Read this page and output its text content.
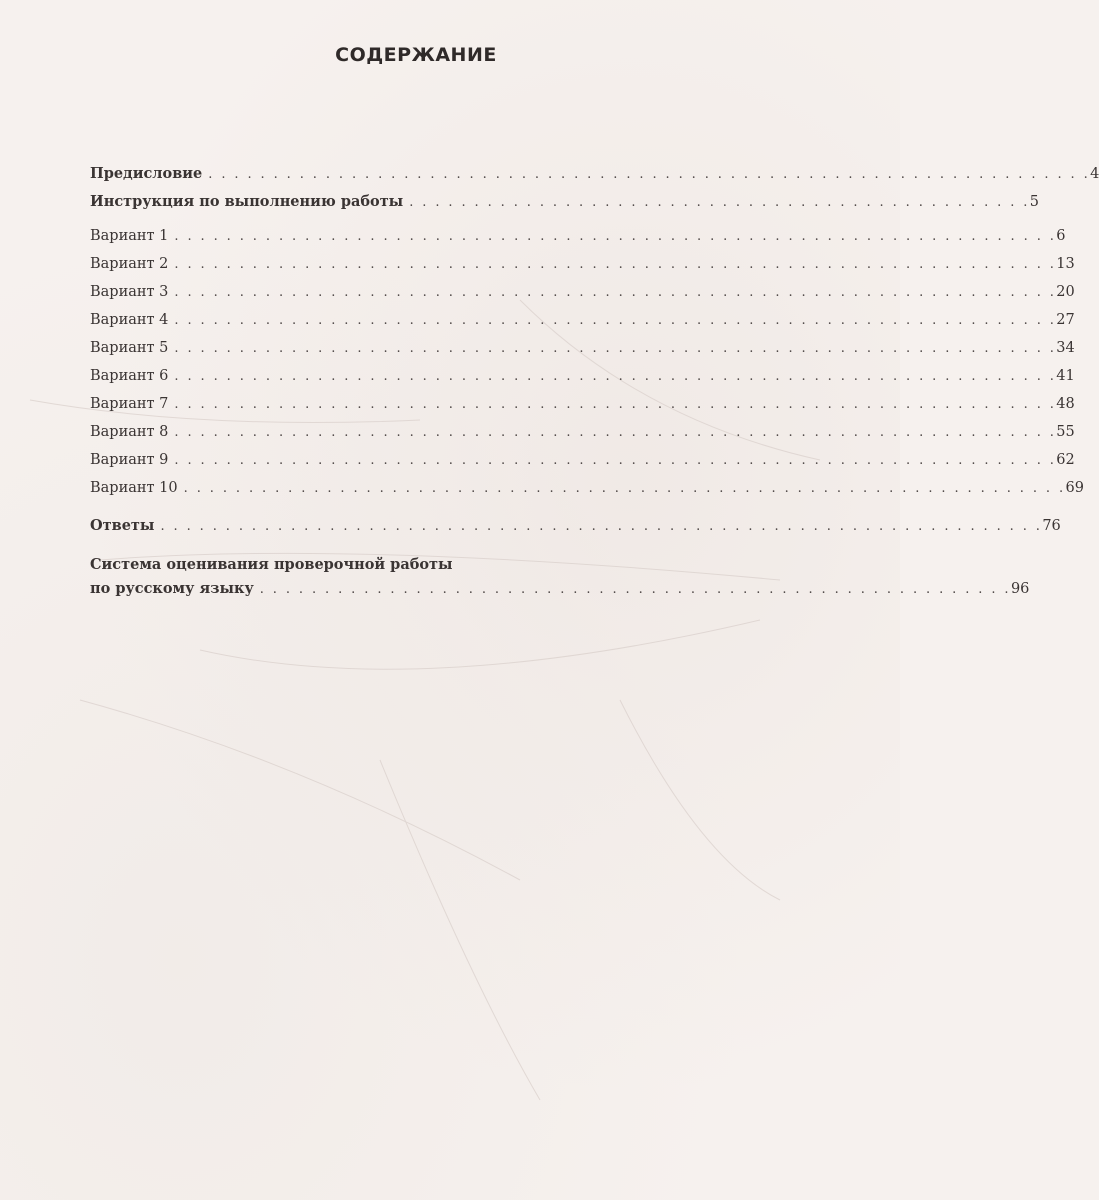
СОДЕРЖАНИЕ
Предисловие . . . . . . . . . . . . . . . . . . . . . . . . . . . . . . . . . . . . . . . . . . . . . . . . . . . . . . . . . . . . . . . . . . . . 4
Инструкция по выполнению работы . . . . . . . . . . . . . . . . . . . . . . . . . . . . . . . . . . . . . . . . . . . . . . . . 5
Вариант 1 . . . . . . . . . . . . . . . . . . . . . . . . . . . . . . . . . . . . . . . . . . . . . . . . . . . . . . . . . . . . . . . . . . . . 6
Вариант 2 . . . . . . . . . . . . . . . . . . . . . . . . . . . . . . . . . . . . . . . . . . . . . . . . . . . . . . . . . . . . . . . . . . . . 13
Вариант 3 . . . . . . . . . . . . . . . . . . . . . . . . . . . . . . . . . . . . . . . . . . . . . . . . . . . . . . . . . . . . . . . . . . . . 20
Вариант 4 . . . . . . . . . . . . . . . . . . . . . . . . . . . . . . . . . . . . . . . . . . . . . . . . . . . . . . . . . . . . . . . . . . . . 27
Вариант 5 . . . . . . . . . . . . . . . . . . . . . . . . . . . . . . . . . . . . . . . . . . . . . . . . . . . . . . . . . . . . . . . . . . . . 34
Вариант 6 . . . . . . . . . . . . . . . . . . . . . . . . . . . . . . . . . . . . . . . . . . . . . . . . . . . . . . . . . . . . . . . . . . . . 41
Вариант 7 . . . . . . . . . . . . . . . . . . . . . . . . . . . . . . . . . . . . . . . . . . . . . . . . . . . . . . . . . . . . . . . . . . . . 48
Вариант 8 . . . . . . . . . . . . . . . . . . . . . . . . . . . . . . . . . . . . . . . . . . . . . . . . . . . . . . . . . . . . . . . . . . . . 55
Вариант 9 . . . . . . . . . . . . . . . . . . . . . . . . . . . . . . . . . . . . . . . . . . . . . . . . . . . . . . . . . . . . . . . . . . . . 62
Вариант 10 . . . . . . . . . . . . . . . . . . . . . . . . . . . . . . . . . . . . . . . . . . . . . . . . . . . . . . . . . . . . . . . . . . . . 69
Ответы . . . . . . . . . . . . . . . . . . . . . . . . . . . . . . . . . . . . . . . . . . . . . . . . . . . . . . . . . . . . . . . . . . . . 76
Система оценивания проверочной работы
по русскому языку . . . . . . . . . . . . . . . . . . . . . . . . . . . . . . . . . . . . . . . . . . . . . . . . . . . . . . . . . . 96
